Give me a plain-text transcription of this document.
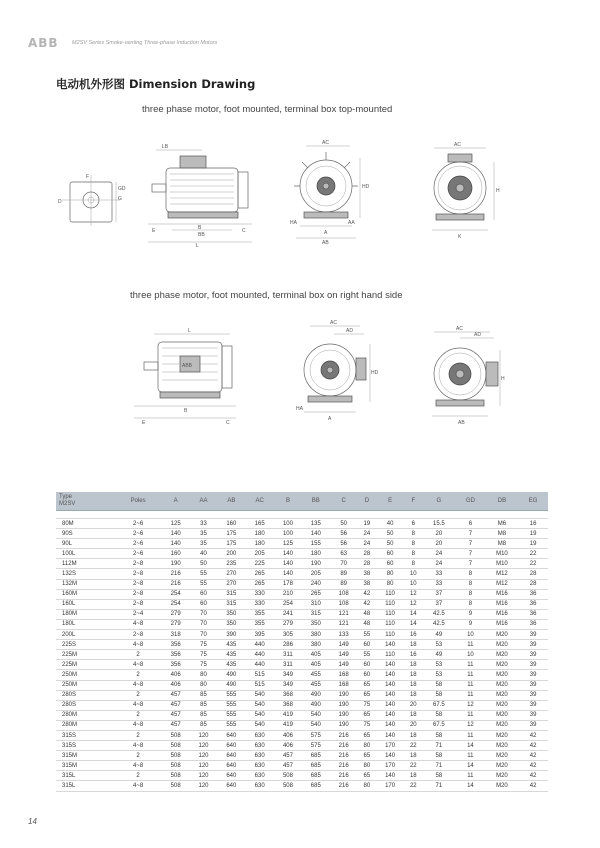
ABB M2SV Series Smoke-venting Three-phase Induction Motors
电动机外形图 Dimension Drawing
three phase motor, foot mounted, terminal box top-mounted
three phase motor, foot mounted, terminal box on right hand side
GD
G
D
F
LB
B
BB
L
E	C
AC
HD
A
AB
HA	AA
AC
H
K
L
ABB
B
E	C
AC
AD
HD
A
HA
AC
AD
H
AB
Type
M2SV	Poles	A	AA	AB	AC	B	BB	C	D	E	F	G	GD	DB	EG

80M	2~6	125	33	160	165	100	135	50	19	40	6	15.5	6	M6	16
90S	2~6	140	35	175	180	100	140	56	24	50	8	20	7	M8	19
90L	2~6	140	35	175	180	125	155	56	24	50	8	20	7	M8	19
100L	2~6	160	40	200	205	140	180	63	28	60	8	24	7	M10	22
112M	2~8	190	50	235	225	140	190	70	28	60	8	24	7	M10	22
132S	2~8	216	55	270	265	140	205	89	38	80	10	33	8	M12	28
132M	2~8	216	55	270	265	178	240	89	38	80	10	33	8	M12	28
160M	2~8	254	60	315	330	210	265	108	42	110	12	37	8	M16	36
160L	2~8	254	60	315	330	254	310	108	42	110	12	37	8	M16	36
180M	2~4	279	70	350	355	241	315	121	48	110	14	42.5	9	M16	36
180L	4~8	279	70	350	355	279	350	121	48	110	14	42.5	9	M16	36
200L	2~8	318	70	390	395	305	380	133	55	110	16	49	10	M20	39
225S	4~8	356	75	435	440	286	380	149	60	140	18	53	11	M20	39
225M	2	356	75	435	440	311	405	149	55	110	16	49	10	M20	39
225M	4~8	356	75	435	440	311	405	149	60	140	18	53	11	M20	39
250M	2	406	80	490	515	349	455	168	60	140	18	53	11	M20	39
250M	4~8	406	80	490	515	349	455	168	65	140	18	58	11	M20	39
280S	2	457	85	555	540	368	490	190	65	140	18	58	11	M20	39
280S	4~8	457	85	555	540	368	490	190	75	140	20	67.5	12	M20	39
280M	2	457	85	555	540	419	540	190	65	140	18	58	11	M20	39
280M	4~8	457	85	555	540	419	540	190	75	140	20	67.5	12	M20	39
315S	2	508	120	640	630	406	575	216	65	140	18	58	11	M20	42
315S	4~8	508	120	640	630	406	575	216	80	170	22	71	14	M20	42
315M	2	508	120	640	630	457	685	216	65	140	18	58	11	M20	42
315M	4~8	508	120	640	630	457	685	216	80	170	22	71	14	M20	42
315L	2	508	120	640	630	508	685	216	65	140	18	58	11	M20	42
315L	4~8	508	120	640	630	508	685	216	80	170	22	71	14	M20	42
14
